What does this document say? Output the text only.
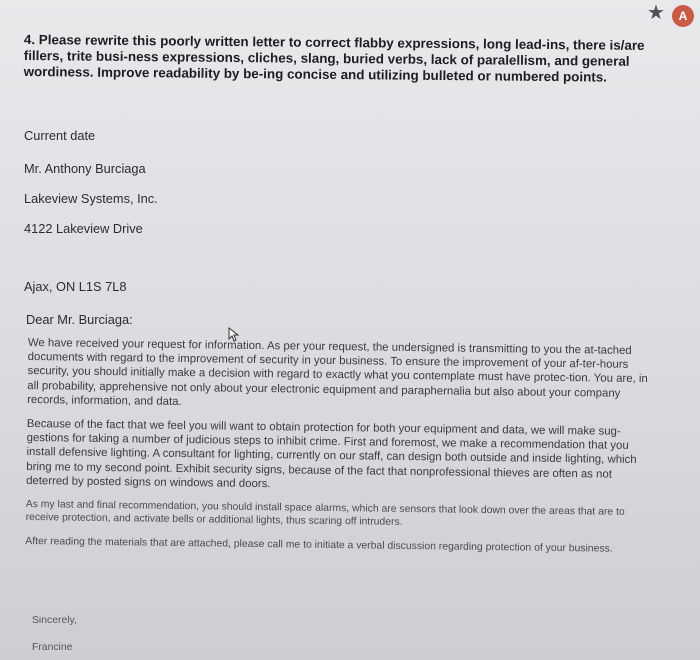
★	A
4. Please rewrite this poorly written letter to correct flabby expressions, long lead-ins, there is/are fillers, trite busi-ness expressions, cliches, slang, buried verbs, lack of paralellism, and general wordiness. Improve readability by be-ing concise and utilizing bulleted or numbered points.
Current date
Mr. Anthony Burciaga
Lakeview Systems, Inc.
4122 Lakeview Drive
Ajax, ON L1S 7L8
Dear Mr. Burciaga:

We have received your request for information. As per your request, the undersigned is transmitting to you the at-tached documents with regard to the improvement of security in your business. To ensure the improvement of your af-ter-hours security, you should initially make a decision with regard to exactly what you contemplate must have protec-tion. You are, in all probability, apprehensive not only about your electronic equipment and paraphernalia but also about your company records, information, and data.

Because of the fact that we feel you will want to obtain protection for both your equipment and data, we will make sug-gestions for taking a number of judicious steps to inhibit crime. First and foremost, we make a recommendation that you install defensive lighting. A consultant for lighting, currently on our staff, can design both outside and inside lighting, which bring me to my second point. Exhibit security signs, because of the fact that nonprofessional thieves are often as not deterred by posted signs on windows and doors.

As my last and final recommendation, you should install space alarms, which are sensors that look down over the areas that are to receive protection, and activate bells or additional lights, thus scaring off intruders.

After reading the materials that are attached, please call me to initiate a verbal discussion regarding protection of your business.

Sincerely,
Francine
